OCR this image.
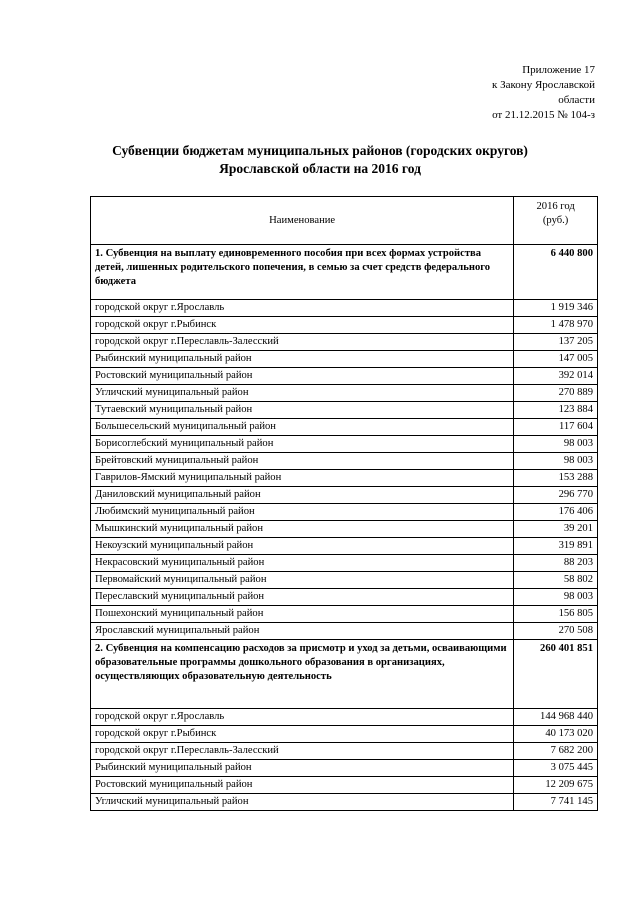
Приложение 17
к Закону Ярославской
области
от 21.12.2015 № 104-з
Субвенции бюджетам муниципальных районов (городских округов)
Ярославской области на 2016 год
Наименование	2016 год
(руб.)

1. Субвенция на выплату единовременного пособия при всех формах устройства детей, лишенных родительского попечения, в семью за счет средств федерального бюджета	6 440 800
городской округ г.Ярославль	1 919 346
городской округ г.Рыбинск	1 478 970
городской округ г.Переславль-Залесский	137 205
Рыбинский муниципальный район	147 005
Ростовский муниципальный район	392 014
Угличский муниципальный район	270 889
Тутаевский муниципальный район	123 884
Большесельский муниципальный район	117 604
Борисоглебский муниципальный район	98 003
Брейтовский муниципальный район	98 003
Гаврилов-Ямский муниципальный район	153 288
Даниловский муниципальный район	296 770
Любимский муниципальный район	176 406
Мышкинский муниципальный район	39 201
Некоузский муниципальный район	319 891
Некрасовский муниципальный район	88 203
Первомайский муниципальный район	58 802
Переславский муниципальный район	98 003
Пошехонский муниципальный район	156 805
Ярославский муниципальный район	270 508
2. Субвенция на компенсацию расходов за присмотр и уход за детьми, осваивающими образовательные программы дошкольного образования в организациях, осуществляющих образовательную деятельность	260 401 851
городской округ г.Ярославль	144 968 440
городской округ г.Рыбинск	40 173 020
городской округ г.Переславль-Залесский	7 682 200
Рыбинский муниципальный район	3 075 445
Ростовский муниципальный район	12 209 675
Угличский муниципальный район	7 741 145
